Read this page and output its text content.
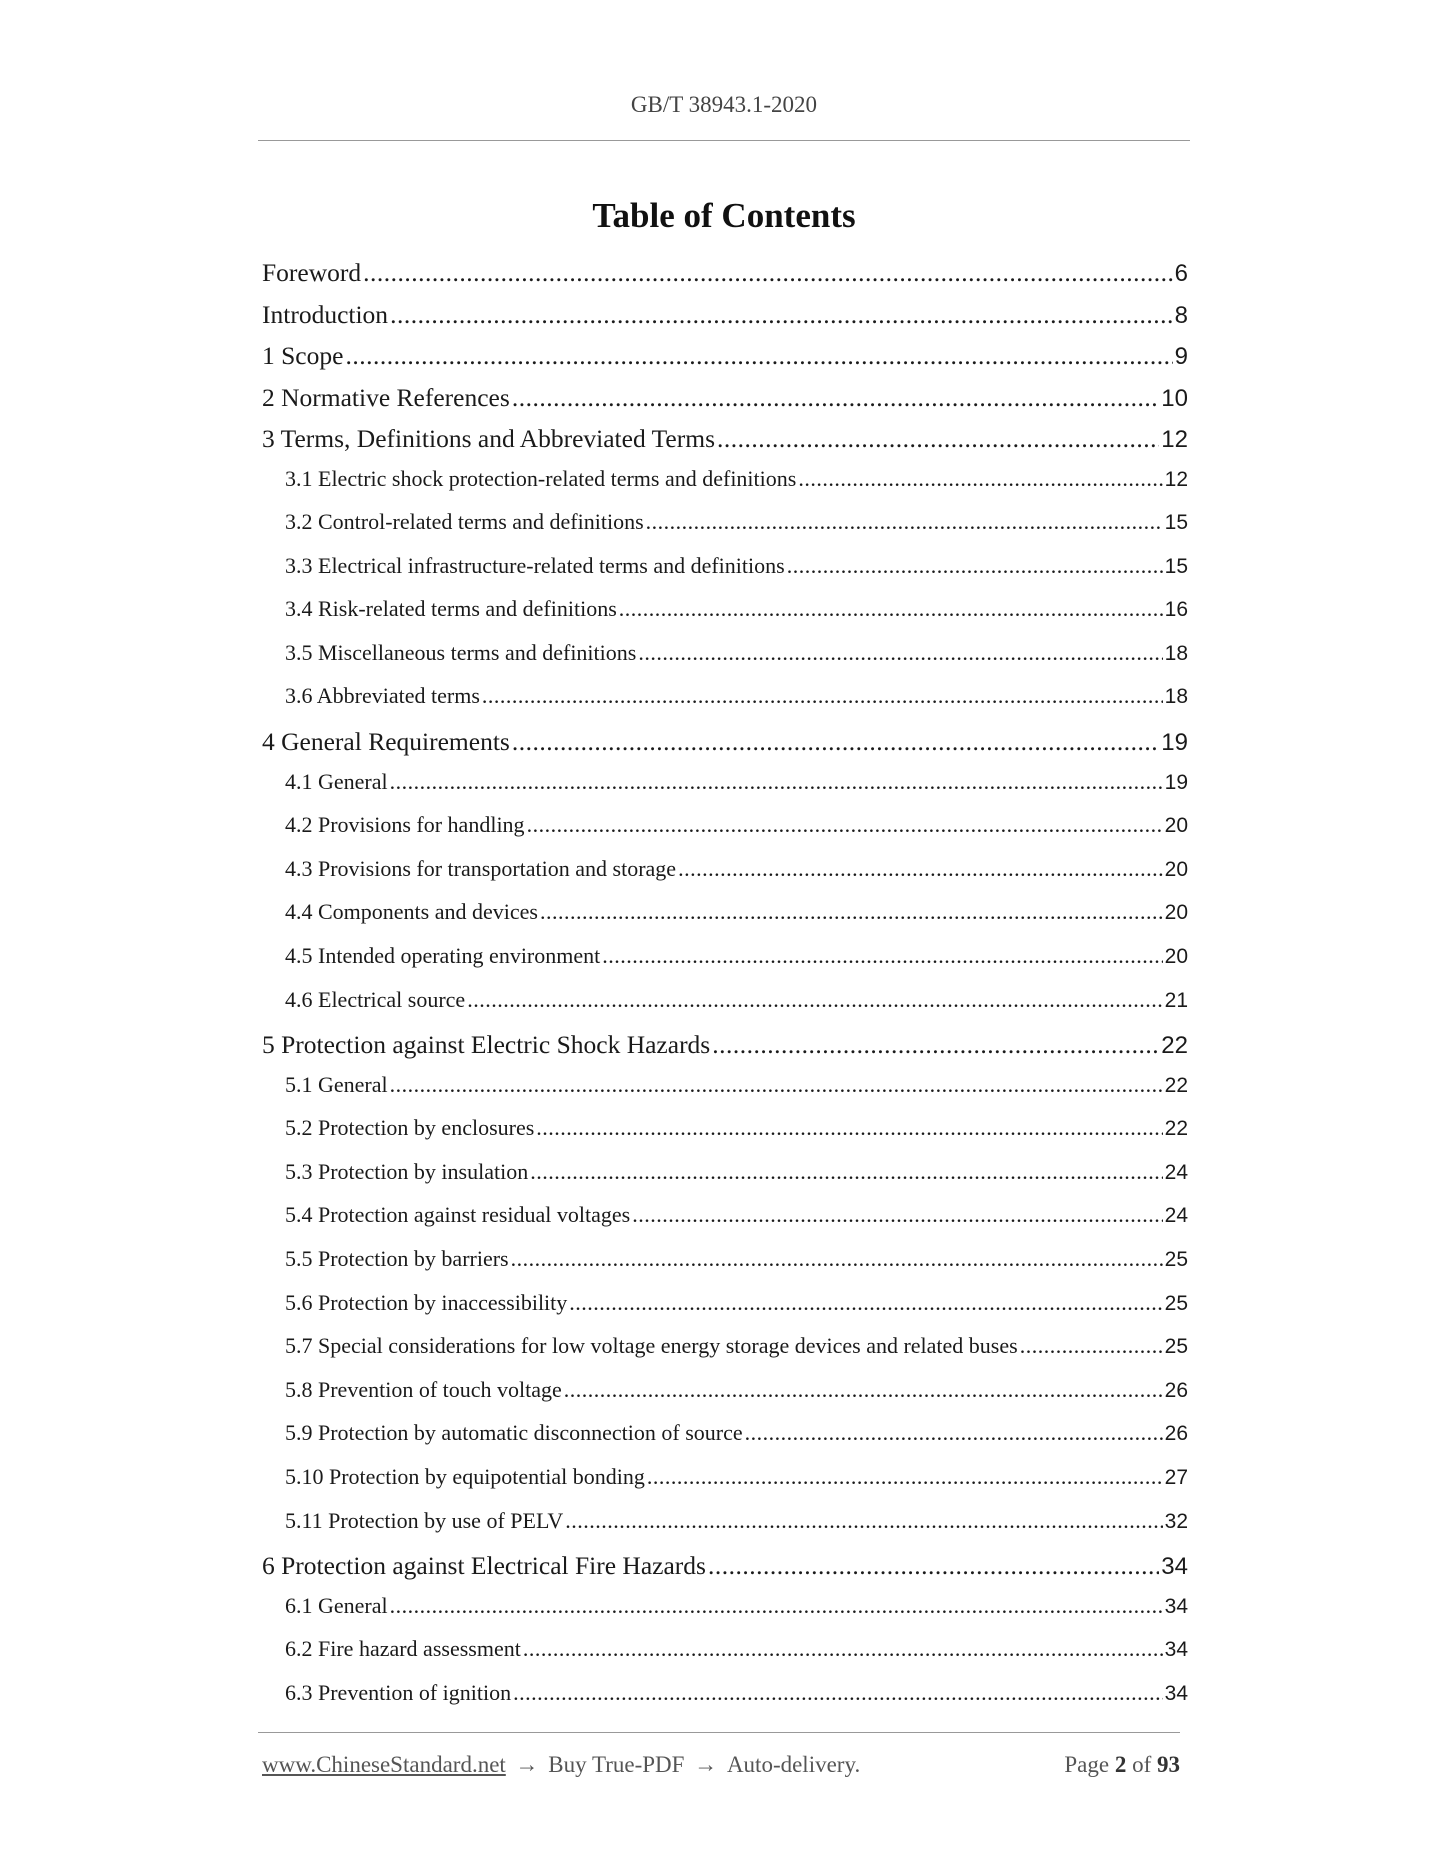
GB/T 38943.1-2020
Table of Contents
Foreword .....	6
Introduction .....	8
1 Scope .....	9
2 Normative References .....	10
3 Terms, Definitions and Abbreviated Terms .....	12
3.1 Electric shock protection-related terms and definitions .....	12
3.2 Control-related terms and definitions .....	15
3.3 Electrical infrastructure-related terms and definitions .....	15
3.4 Risk-related terms and definitions .....	16
3.5 Miscellaneous terms and definitions .....	18
3.6 Abbreviated terms .....	18
4 General Requirements .....	19
4.1 General .....	19
4.2 Provisions for handling .....	20
4.3 Provisions for transportation and storage .....	20
4.4 Components and devices .....	20
4.5 Intended operating environment .....	20
4.6 Electrical source .....	21
5 Protection against Electric Shock Hazards .....	22
5.1 General .....	22
5.2 Protection by enclosures .....	22
5.3 Protection by insulation .....	24
5.4 Protection against residual voltages .....	24
5.5 Protection by barriers .....	25
5.6 Protection by inaccessibility .....	25
5.7 Special considerations for low voltage energy storage devices and related buses .....	25
5.8 Prevention of touch voltage .....	26
5.9 Protection by automatic disconnection of source .....	26
5.10 Protection by equipotential bonding .....	27
5.11 Protection by use of PELV .....	32
6 Protection against Electrical Fire Hazards .....	34
6.1 General .....	34
6.2 Fire hazard assessment .....	34
6.3 Prevention of ignition .....	34
www.ChineseStandard.net → Buy True-PDF → Auto-delivery.	Page 2 of 93
